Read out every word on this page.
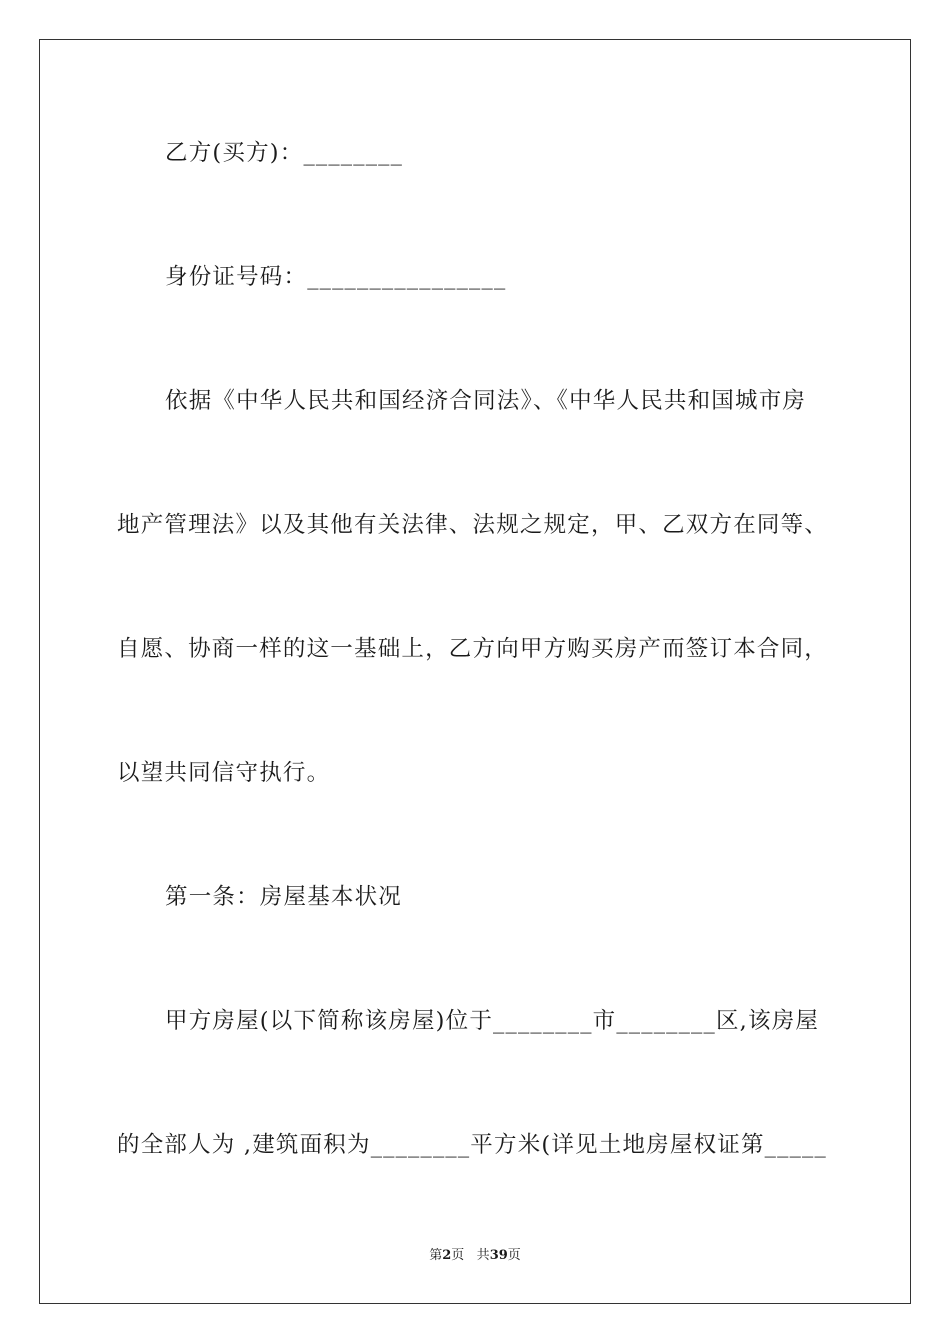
乙方(买方)：________
身份证号码：________________
依据《中华人民共和国经济合同法》、《中华人民共和国城市房
地产管理法》以及其他有关法律、法规之规定，甲、乙双方在同等、
自愿、协商一样的这一基础上，乙方向甲方购买房产而签订本合同，
以望共同信守执行。
第一条：房屋基本状况
甲方房屋(以下简称该房屋)位于________市________区,该房屋
的全部人为 ,建筑面积为________平方米(详见土地房屋权证第_____
第2页 共39页
